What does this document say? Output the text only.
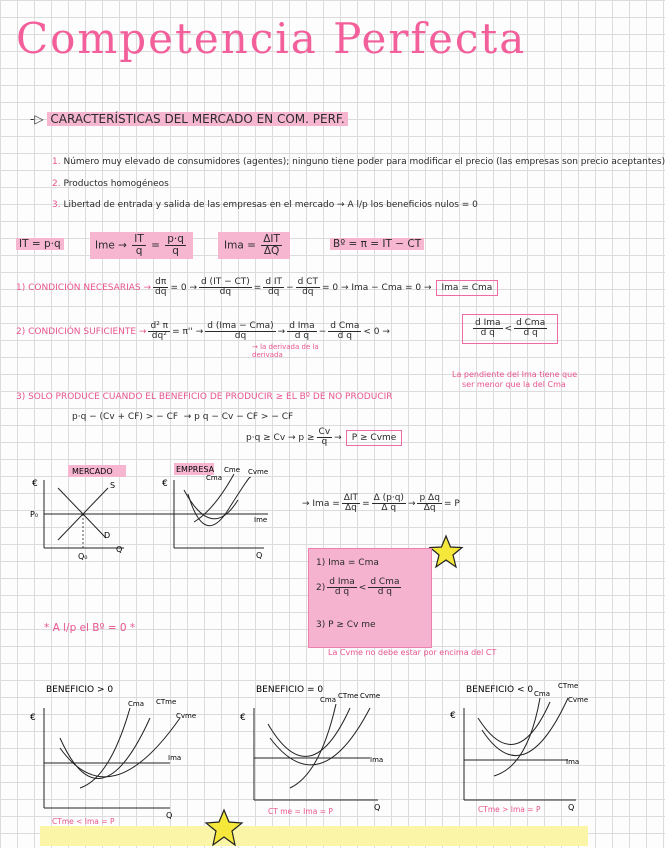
Competencia Perfecta
-▷ CARACTERÍSTICAS DEL MERCADO EN COM. PERF.
1. Número muy elevado de consumidores (agentes); ninguno tiene poder para modificar el precio (las empresas son precio aceptantes)
2. Productos homogéneos
3. Libertad de entrada y salida de las empresas en el mercado → A l/p los beneficios nulos = 0
IT = p·q	Ime → $\frac{IT}{q} = \frac{p\cdot q}{q}$	Ima = $\frac{\text{ΔIT}}{\Delta Q}$	Bº = π = IT − CT
1) CONDICIÓN NECESARIAS → $\frac{d\pi}{dq} = 0 \to \frac{d (IT - CT)}{dq} = \frac{\text{d IT}}{dq} - \frac{\text{d CT}}{dq} = 0$ → Ima − Cma = 0 →	Ima = Cma
2) CONDICIÓN SUFICIENTE → $\frac{\text{d² π}}{\text{dq²}} = \pi'' \to \frac{\text{d (Ima − Cma)}}{dq} \to \frac{\text{d Ima}}{\text{d q}} - \frac{\text{d Cma}}{\text{d q}} < 0$ →
→ la derivada de la derivada
$\frac{\text{d Ima}}{\text{d q}} < \frac{\text{d Cma}}{\text{d q}}$
La pendiente del Ima tiene que
ser menor que la del Cma
3) SOLO PRODUCE CUANDO EL BENEFICIO DE PRODUCIR ≥ EL Bº DE NO PRODUCIR
p·q − (Cv + CF) > − CF → p q − Cv − CF > − CF
$p\cdot q \ge Cv \to p \ge \frac{Cv}{q}$ →	P ≥ Cvme
MERCADO
€	S
D
P₀
Q₀
Q
EMPRESA
€
Cme Cvme
Cma
Ime
Q
→ Ima = $\frac{\text{ΔIT}}{\Delta q} = \frac{\Delta (p\cdot q)}{\text{Δ q}} \to \frac{\text{p Δq}}{\Delta q} = P$
1) Ima = Cma
$2) \frac{\text{d Ima}}{\text{d q}} < \frac{\text{d Cma}}{\text{d q}}$
3) P ≥ Cv me
* A l/p el Bº = 0 *
La Cvme no debe estar por encima del CT
BENEFICIO > 0
€
Cma CTme
Cvme
Ima
Q
CTme < Ima = P
BENEFICIO = 0
€
Cma CTme Cvme
Ima
Q
CT me = Ima = P
BENEFICIO < 0
€
Cma
CTme
Cvme
Ima
Q
CTme > Ima = P
